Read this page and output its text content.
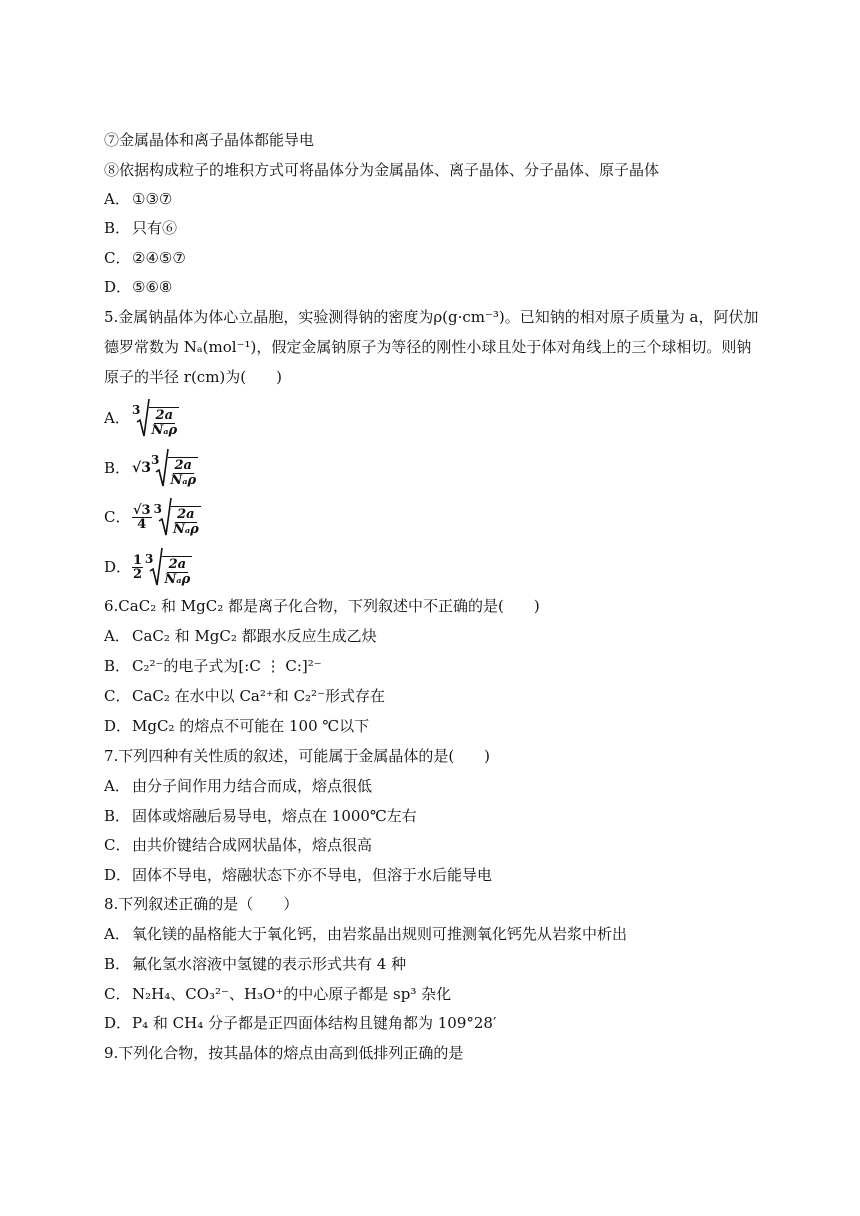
⑦金属晶体和离子晶体都能导电
⑧依据构成粒子的堆积方式可将晶体分为金属晶体、离子晶体、分子晶体、原子晶体
A． ①③⑦
B． 只有⑥
C． ②④⑤⑦
D．⑤⑥⑧
5.金属钠晶体为体心立晶胞，实验测得钠的密度为ρ(g·cm⁻³)。已知钠的相对原子质量为 a，阿伏加
德罗常数为 Nₐ(mol⁻¹)，假定金属钠原子为等径的刚性小球且处于体对角线上的三个球相切。则钠
原子的半径 r(cm)为(　　)
A． $3 \frac{2a}{\text{Nₐρ}}$
B． √3 $3 \frac{2a}{\text{Nₐρ}}$
C． $\frac{√3}{4} 3 \frac{2a}{\text{Nₐρ}}$
D． $\frac{1}{2} 3 \frac{2a}{\text{Nₐρ}}$
6.CaC₂ 和 MgC₂ 都是离子化合物，下列叙述中不正确的是(　　)
A． CaC₂ 和 MgC₂ 都跟水反应生成乙炔
B． C₂²⁻的电子式为[:C ⋮ C:]²⁻
C． CaC₂ 在水中以 Ca²⁺和 C₂²⁻形式存在
D．MgC₂ 的熔点不可能在 100 ℃以下
7.下列四种有关性质的叙述，可能属于金属晶体的是(　　)
A． 由分子间作用力结合而成，熔点很低
B． 固体或熔融后易导电，熔点在 1000℃左右
C． 由共价键结合成网状晶体，熔点很高
D．固体不导电，熔融状态下亦不导电，但溶于水后能导电
8.下列叙述正确的是（　　）
A． 氧化镁的晶格能大于氧化钙，由岩浆晶出规则可推测氧化钙先从岩浆中析出
B． 氟化氢水溶液中氢键的表示形式共有 4 种
C． N₂H₄、CO₃²⁻、H₃O⁺的中心原子都是 sp³ 杂化
D．P₄ 和 CH₄ 分子都是正四面体结构且键角都为 109°28′
9.下列化合物，按其晶体的熔点由高到低排列正确的是
